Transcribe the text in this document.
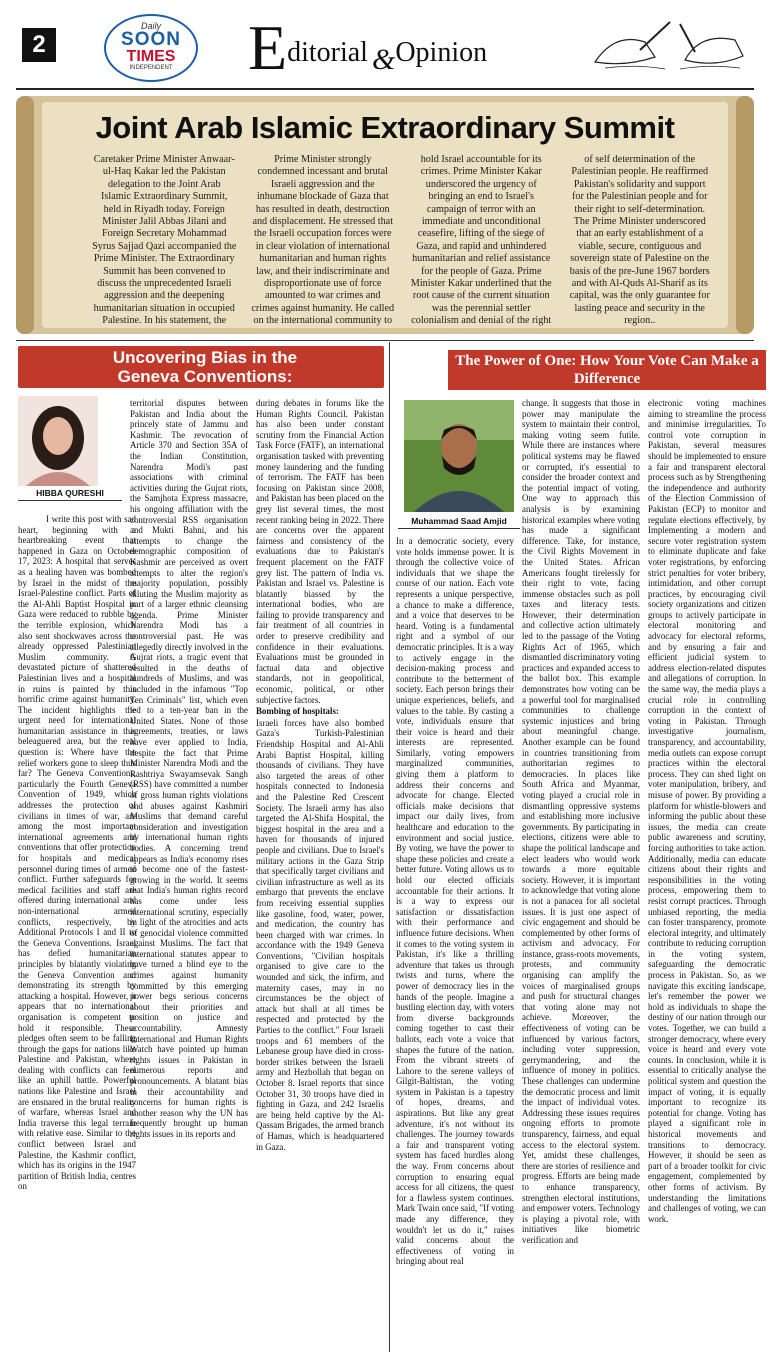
2
Daily
SOON
TIMES
INDEPENDENT	Editorial &Opinion
Joint Arab Islamic Extraordinary Summit
Caretaker Prime Minister Anwaar-ul-Haq Kakar led the Pakistan delegation to the Joint Arab Islamic Extraordinary Summit, held in Riyadh today. Foreign Minister Jalil Abbas Jilani and Foreign Secretary Mohammad Syrus Sajjad Qazi accompanied the Prime Minister. The Extraordinary Summit has been convened to discuss the unprecedented Israeli aggression and the deepening humanitarian situation in occupied Palestine. In his statement, the Prime Minister strongly condemned incessant and brutal Israeli aggression and the inhumane blockade of Gaza that has resulted in death, destruction and displacement. He stressed that the Israeli occupation forces were in clear violation of international humanitarian and human rights law, and their indiscriminate and disproportionate use of force amounted to war crimes and crimes against humanity. He called on the international community to hold Israel accountable for its crimes. Prime Minister Kakar underscored the urgency of bringing an end to Israel's campaign of terror with an immediate and unconditional ceasefire, lifting of the siege of Gaza, and rapid and unhindered humanitarian and relief assistance for the people of Gaza. Prime Minister Kakar underlined that the root cause of the current situation was the perennial settler colonialism and denial of the right of self determination of the Palestinian people. He reaffirmed Pakistan's solidarity and support for the Palestinian people and for their right to self-determination. The Prime Minister underscored that an early establishment of a viable, secure, contiguous and sovereign state of Palestine on the basis of the pre-June 1967 borders and with Al-Quds Al-Sharif as its capital, was the only guarantee for lasting peace and security in the region..
Uncovering Bias in the Geneva Conventions:
HIBBA QURESHI

I write this post with sad heart, beginning with a heartbreaking event that happened in Gaza on October 17, 2023: A hospital that serves as a healing haven was bombed by Israel in the midst of the Israel-Palestine conflict. Parts of the Al-Ahli Baptist Hospital in Gaza were reduced to rubble by the terrible explosion, which also sent shockwaves across the already oppressed Palestinian Muslim community. A devastated picture of shattered Palestinian lives and a hospital in ruins is painted by this horrific crime against humanity. The incident highlights the urgent need for international humanitarian assistance in this beleaguered area, but the real question is: Where have the relief workers gone to sleep thus far? The Geneva Conventions, particularly the Fourth Geneva Convention of 1949, which addresses the protection of civilians in times of war, are among the most important international agreements and conventions that offer protection for hospitals and medical personnel during times of armed conflict. Further safeguards for medical facilities and staff are offered during international and non-international armed conflicts, respectively, by Additional Protocols I and II to the Geneva Conventions. Israel has defied humanitarian principles by blatantly violating the Geneva Convention and demonstrating its strength by attacking a hospital. However, it appears that no international organisation is competent to hold it responsible. These pledges often seem to be falling through the gaps for nations like Palestine and Pakistan, where dealing with conflicts can feel like an uphill battle. Powerful nations like Palestine and Israel are ensnared in the brutal reality of warfare, whereas Israel and India traverse this legal terrain with relative ease. Similar to the conflict between Israel and Palestine, the Kashmir conflict, which has its origins in the 1947 partition of British India, centres on

territorial disputes between Pakistan and India about the princely state of Jammu and Kashmir. The revocation of Article 370 and Section 35A of the Indian Constitution, Narendra Modi's past associations with criminal activities during the Gujrat riots, the Samjhota Express massacre, his ongoing affiliation with the controversial RSS organisation and Mukti Bahni, and his attempts to change the demographic composition of Kashmir are perceived as overt attempts to alter the region's majority population, possibly diluting the Muslim majority as part of a larger ethnic cleansing agenda. Prime Minister Narendra Modi has a controversial past. He was allegedly directly involved in the Gujrat riots, a tragic event that resulted in the deaths of hundreds of Muslims, and was included in the infamous "Top Ten Criminals" list, which even led to a ten-year ban in the United States. None of those agreements, treaties, or laws have ever applied to India, despite the fact that Prime Minister Narendra Modi and the Rashtriya Swayamsevak Sangh (RSS) have committed a number of gross human rights violations and abuses against Kashmiri Muslims that demand careful consideration and investigation by international human rights bodies. A concerning trend appears as India's economy rises to become one of the fastest-growing in the world. It seems that India's human rights record has come under less international scrutiny, especially in light of the atrocities and acts of genocidal violence committed against Muslims. The fact that international statutes appear to have turned a blind eye to the crimes against humanity committed by this emerging power begs serious concerns about their priorities and position on justice and accountability. Amnesty International and Human Rights Watch have pointed up human rights issues in Pakistan in numerous reports and pronouncements. A blatant bias in their accountability and concerns for human rights is another reason why the UN has frequently brought up human rights issues in its reports and

during debates in forums like the Human Rights Council. Pakistan has also been under constant scrutiny from the Financial Action Task Force (FATF), an international organisation tasked with preventing money laundering and the funding of terrorism. The FATF has been focusing on Pakistan since 2008, and Pakistan has been placed on the grey list several times, the most recent ranking being in 2022. There are concerns over the apparent fairness and consistency of the evaluations due to Pakistan's frequent placement on the FATF grey list. The pattern of India vs. Pakistan and Israel vs. Palestine is blatantly biassed by the international bodies, who are failing to provide transparency and fair treatment of all countries in order to preserve credibility and confidence in their evaluations. Evaluations must be grounded in factual data and objective standards, not in geopolitical, economic, political, or other subjective factors.

Bombing of hospitals:

Israeli forces have also bombed Gaza's Turkish-Palestinian Friendship Hospital and Al-Ahli Arabi Baptist Hospital, killing thousands of civilians. They have also targeted the areas of other hospitals connected to Indonesia and the Palestine Red Crescent Society. The Israeli army has also targeted the Al-Shifa Hospital, the biggest hospital in the area and a haven for thousands of injured people and civilians. Due to Israel's military actions in the Gaza Strip that specifically target civilians and civilian infrastructure as well as its embargo that prevents the enclave from receiving essential supplies like gasoline, food, water, power, and medication, the country has been charged with war crimes. In accordance with the 1949 Geneva Conventions, "Civilian hospitals organised to give care to the wounded and sick, the infirm, and maternity cases, may in no circumstances be the object of attack but shall at all times be respected and protected by the Parties to the conflict." Four Israeli troops and 61 members of the Lebanese group have died in cross-border strikes between the Israeli army and Hezbollah that began on October 8. Israel reports that since October 31, 30 troops have died in fighting in Gaza, and 242 Israelis are being held captive by the Al-Qassam Brigades, the armed branch of Hamas, which is headquartered in Gaza.

The Power of One: How Your Vote Can Make a Difference
Muhammad Saad Amjid

In a democratic society, every vote holds immense power. It is through the collective voice of individuals that we shape the course of our nation. Each vote represents a unique perspective, a chance to make a difference, and a voice that deserves to be heard. Voting is a fundamental right and a symbol of our democratic principles. It is a way to actively engage in the decision-making process and contribute to the betterment of society. Each person brings their unique experiences, beliefs, and values to the table. By casting a vote, individuals ensure that their voice is heard and their interests are represented. Similarly, voting empowers marginalized communities, giving them a platform to address their concerns and advocate for change. Elected officials make decisions that impact our daily lives, from healthcare and education to the environment and social justice. By voting, we have the power to shape these policies and create a better future. Voting allows us to hold our elected officials accountable for their actions. It is a way to express our satisfaction or dissatisfaction with their performance and influence future decisions. When it comes to the voting system in Pakistan, it's like a thrilling adventure that takes us through twists and turns, where the power of democracy lies in the hands of the people. Imagine a bustling election day, with voters from diverse backgrounds coming together to cast their ballots, each vote a voice that shapes the future of the nation. From the vibrant streets of Lahore to the serene valleys of Gilgit-Baltistan, the voting system in Pakistan is a tapestry of hopes, dreams, and aspirations. But like any great adventure, it's not without its challenges. The journey towards a fair and transparent voting system has faced hurdles along the way. From concerns about corruption to ensuring equal access for all citizens, the quest for a flawless system continues. Mark Twain once said, "If voting made any difference, they wouldn't let us do it," raises valid concerns about the effectiveness of voting in bringing about real

change. It suggests that those in power may manipulate the system to maintain their control, making voting seem futile. While there are instances where political systems may be flawed or corrupted, it's essential to consider the broader context and the potential impact of voting. One way to approach this analysis is by examining historical examples where voting has made a significant difference. Take, for instance, the Civil Rights Movement in the United States. African Americans fought tirelessly for their right to vote, facing immense obstacles such as poll taxes and literacy tests. However, their determination and collective action ultimately led to the passage of the Voting Rights Act of 1965, which dismantled discriminatory voting practices and expanded access to the ballot box. This example demonstrates how voting can be a powerful tool for marginalised communities to challenge systemic injustices and bring about meaningful change. Another example can be found in countries transitioning from authoritarian regimes to democracies. In places like South Africa and Myanmar, voting played a crucial role in dismantling oppressive systems and establishing more inclusive governments. By participating in elections, citizens were able to shape the political landscape and elect leaders who would work towards a more equitable society. However, it is important to acknowledge that voting alone is not a panacea for all societal issues. It is just one aspect of civic engagement and should be complemented by other forms of activism and advocacy. For instance, grass-roots movements, protests, and community organising can amplify the voices of marginalised groups and push for structural changes that voting alone may not achieve. Moreover, the effectiveness of voting can be influenced by various factors, including voter suppression, gerrymandering, and the influence of money in politics. These challenges can undermine the democratic process and limit the impact of individual votes. Addressing these issues requires ongoing efforts to promote transparency, fairness, and equal access to the electoral system. Yet, amidst these challenges, there are stories of resilience and progress. Efforts are being made to enhance transparency, strengthen electoral institutions, and empower voters. Technology is playing a pivotal role, with initiatives like biometric verification and

electronic voting machines aiming to streamline the process and minimise irregularities. To control vote corruption in Pakistan, several measures should be implemented to ensure a fair and transparent electoral process such as by Strengthening the independence and authority of the Election Commission of Pakistan (ECP) to monitor and regulate elections effectively, by Implementing a modern and secure voter registration system to eliminate duplicate and fake voter registrations, by enforcing strict penalties for voter bribery, intimidation, and other corrupt practices, by encouraging civil society organizations and citizen groups to actively participate in electoral monitoring and advocacy for electoral reforms, and by ensuring a fair and efficient judicial system to address election-related disputes and allegations of corruption. In the same way, the media plays a crucial role in controlling corruption in the context of voting in Pakistan. Through investigative journalism, transparency, and accountability, media outlets can expose corrupt practices within the electoral process. They can shed light on voter manipulation, bribery, and misuse of power. By providing a platform for whistle-blowers and informing the public about these issues, the media can create public awareness and scrutiny, forcing authorities to take action. Additionally, media can educate citizens about their rights and responsibilities in the voting process, empowering them to resist corrupt practices. Through unbiased reporting, the media can foster transparency, promote electoral integrity, and ultimately contribute to reducing corruption in the voting system, safeguarding the democratic process in Pakistan. So, as we navigate this exciting landscape, let's remember the power we hold as individuals to shape the destiny of our nation through our votes. Together, we can build a stronger democracy, where every voice is heard and every vote counts. In conclusion, while it is essential to critically analyse the political system and question the impact of voting, it is equally important to recognize its potential for change. Voting has played a significant role in historical movements and transitions to democracy. However, it should be seen as part of a broader toolkit for civic engagement, complemented by other forms of activism. By understanding the limitations and challenges of voting, we can work.
